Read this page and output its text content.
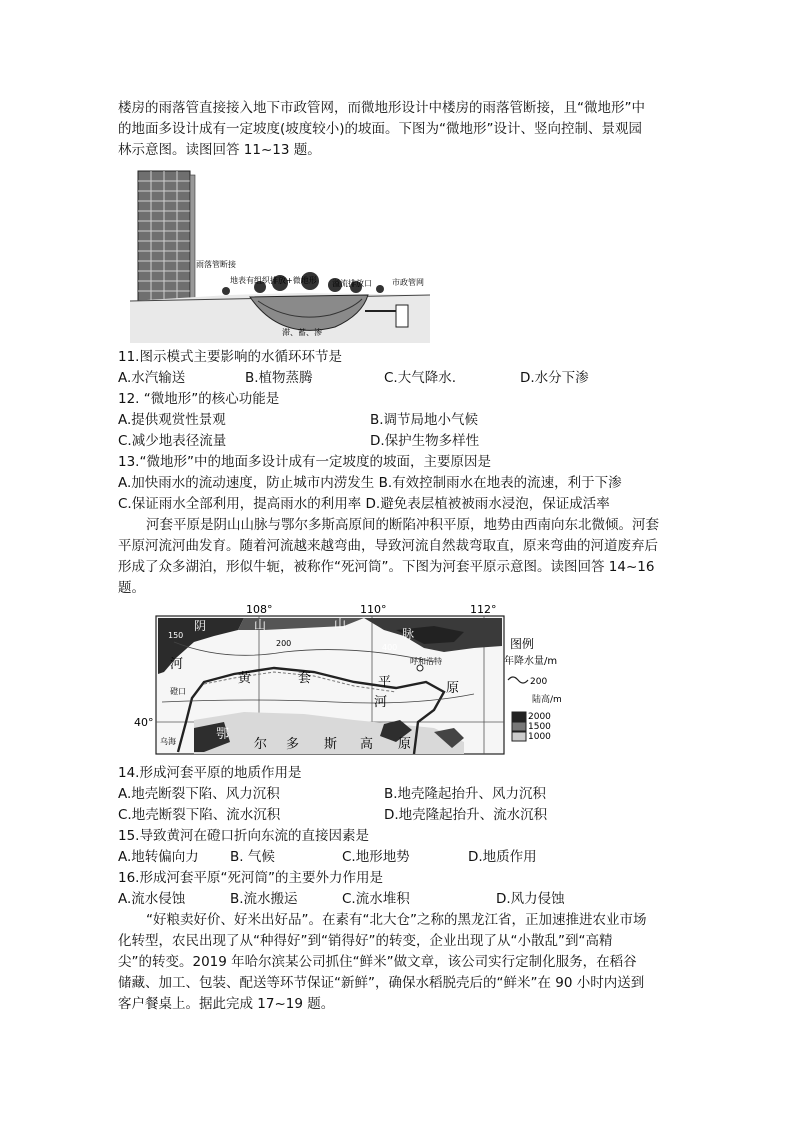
楼房的雨落管直接接入地下市政管网，而微地形设计中楼房的雨落管断接，且“微地形”中
的地面多设计成有一定坡度(坡度较小)的坡面。下图为“微地形”设计、竖向控制、景观园
林示意图。读图回答 11~13 题。
雨落管断接
地表有组织排放+微地形 溢流排放口	市政管网
滞、蓄、渗
11.图示模式主要影响的水循环环节是
A.水汽输送	B.植物蒸腾	C.大气降水.	D.水分下渗
12. “微地形”的核心功能是
A.提供观赏性景观	B.调节局地小气候
C.减少地表径流量	D.保护生物多样性
13.“微地形”中的地面多设计成有一定坡度的坡面，主要原因是
A.加快雨水的流动速度，防止城市内涝发生 B.有效控制雨水在地表的流速，利于下渗
C.保证雨水全部利用，提高雨水的利用率 D.避免表层植被被雨水浸泡，保证成活率
河套平原是阴山山脉与鄂尔多斯高原间的断陷冲积平原，地势由西南向东北微倾。河套
平原河流河曲发育。随着河流越来越弯曲，导致河流自然裁弯取直，原来弯曲的河道废弃后
形成了众多湖泊，形似牛轭，被称作“死河筒”。下图为河套平原示意图。读图回答 14~16
题。
108°	110°	112°
40°
阴	山	山
脉
150
200	400
河
黄	套	平	原
河
磴口
乌海
呼和浩特
鄂
尔 多 斯 高 原
图例
年降水量/m
200
陆高/m
2000
1500
1000
14.形成河套平原的地质作用是
A.地壳断裂下陷、风力沉积	B.地壳隆起抬升、风力沉积
C.地壳断裂下陷、流水沉积	D.地壳隆起抬升、流水沉积
15.导致黄河在磴口折向东流的直接因素是
A.地转偏向力 B. 气候	C.地形地势	D.地质作用
16.形成河套平原“死河筒”的主要外力作用是
A.流水侵蚀	B.流水搬运	C.流水堆积	D.风力侵蚀
“好粮卖好价、好米出好品”。在素有“北大仓”之称的黑龙江省，正加速推进农业市场
化转型，农民出现了从“种得好”到“销得好”的转变，企业出现了从“小散乱”到“高精
尖”的转变。2019 年哈尔滨某公司抓住“鲜米”做文章，该公司实行定制化服务，在稻谷
储藏、加工、包装、配送等环节保证“新鲜”，确保水稻脱壳后的“鲜米”在 90 小时内送到
客户餐桌上。据此完成 17~19 题。
